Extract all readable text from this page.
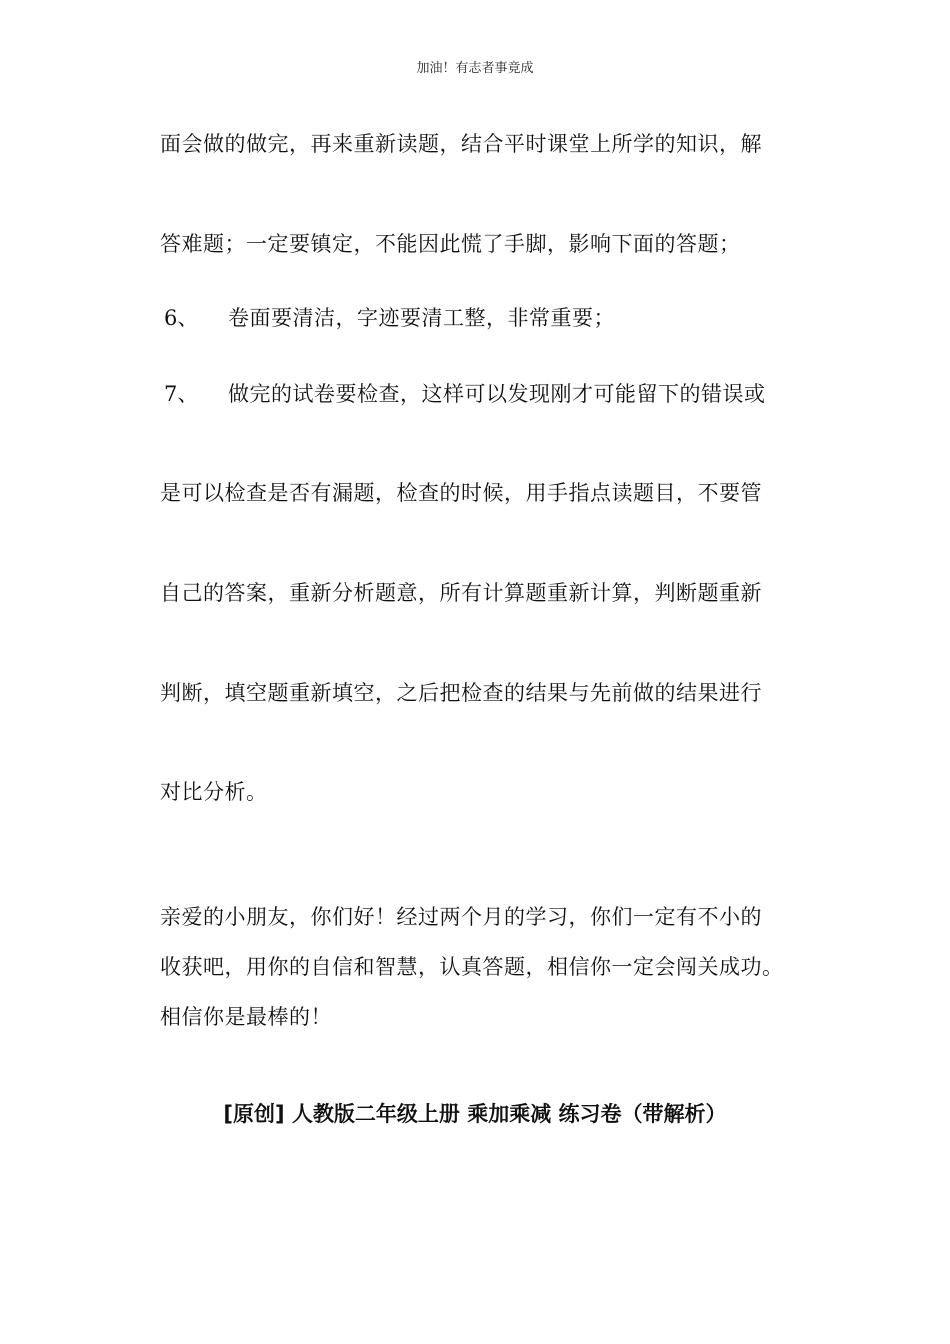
加油！有志者事竟成
面会做的做完，再来重新读题，结合平时课堂上所学的知识，解
答难题；一定要镇定，不能因此慌了手脚，影响下面的答题；
6、 卷面要清洁，字迹要清工整，非常重要；
7、 做完的试卷要检查，这样可以发现刚才可能留下的错误或
是可以检查是否有漏题，检查的时候，用手指点读题目，不要管
自己的答案，重新分析题意，所有计算题重新计算，判断题重新
判断，填空题重新填空，之后把检查的结果与先前做的结果进行
对比分析。
亲爱的小朋友，你们好！经过两个月的学习，你们一定有不小的
收获吧，用你的自信和智慧，认真答题，相信你一定会闯关成功。
相信你是最棒的！
[原创] 人教版二年级上册 乘加乘减 练习卷（带解析）
